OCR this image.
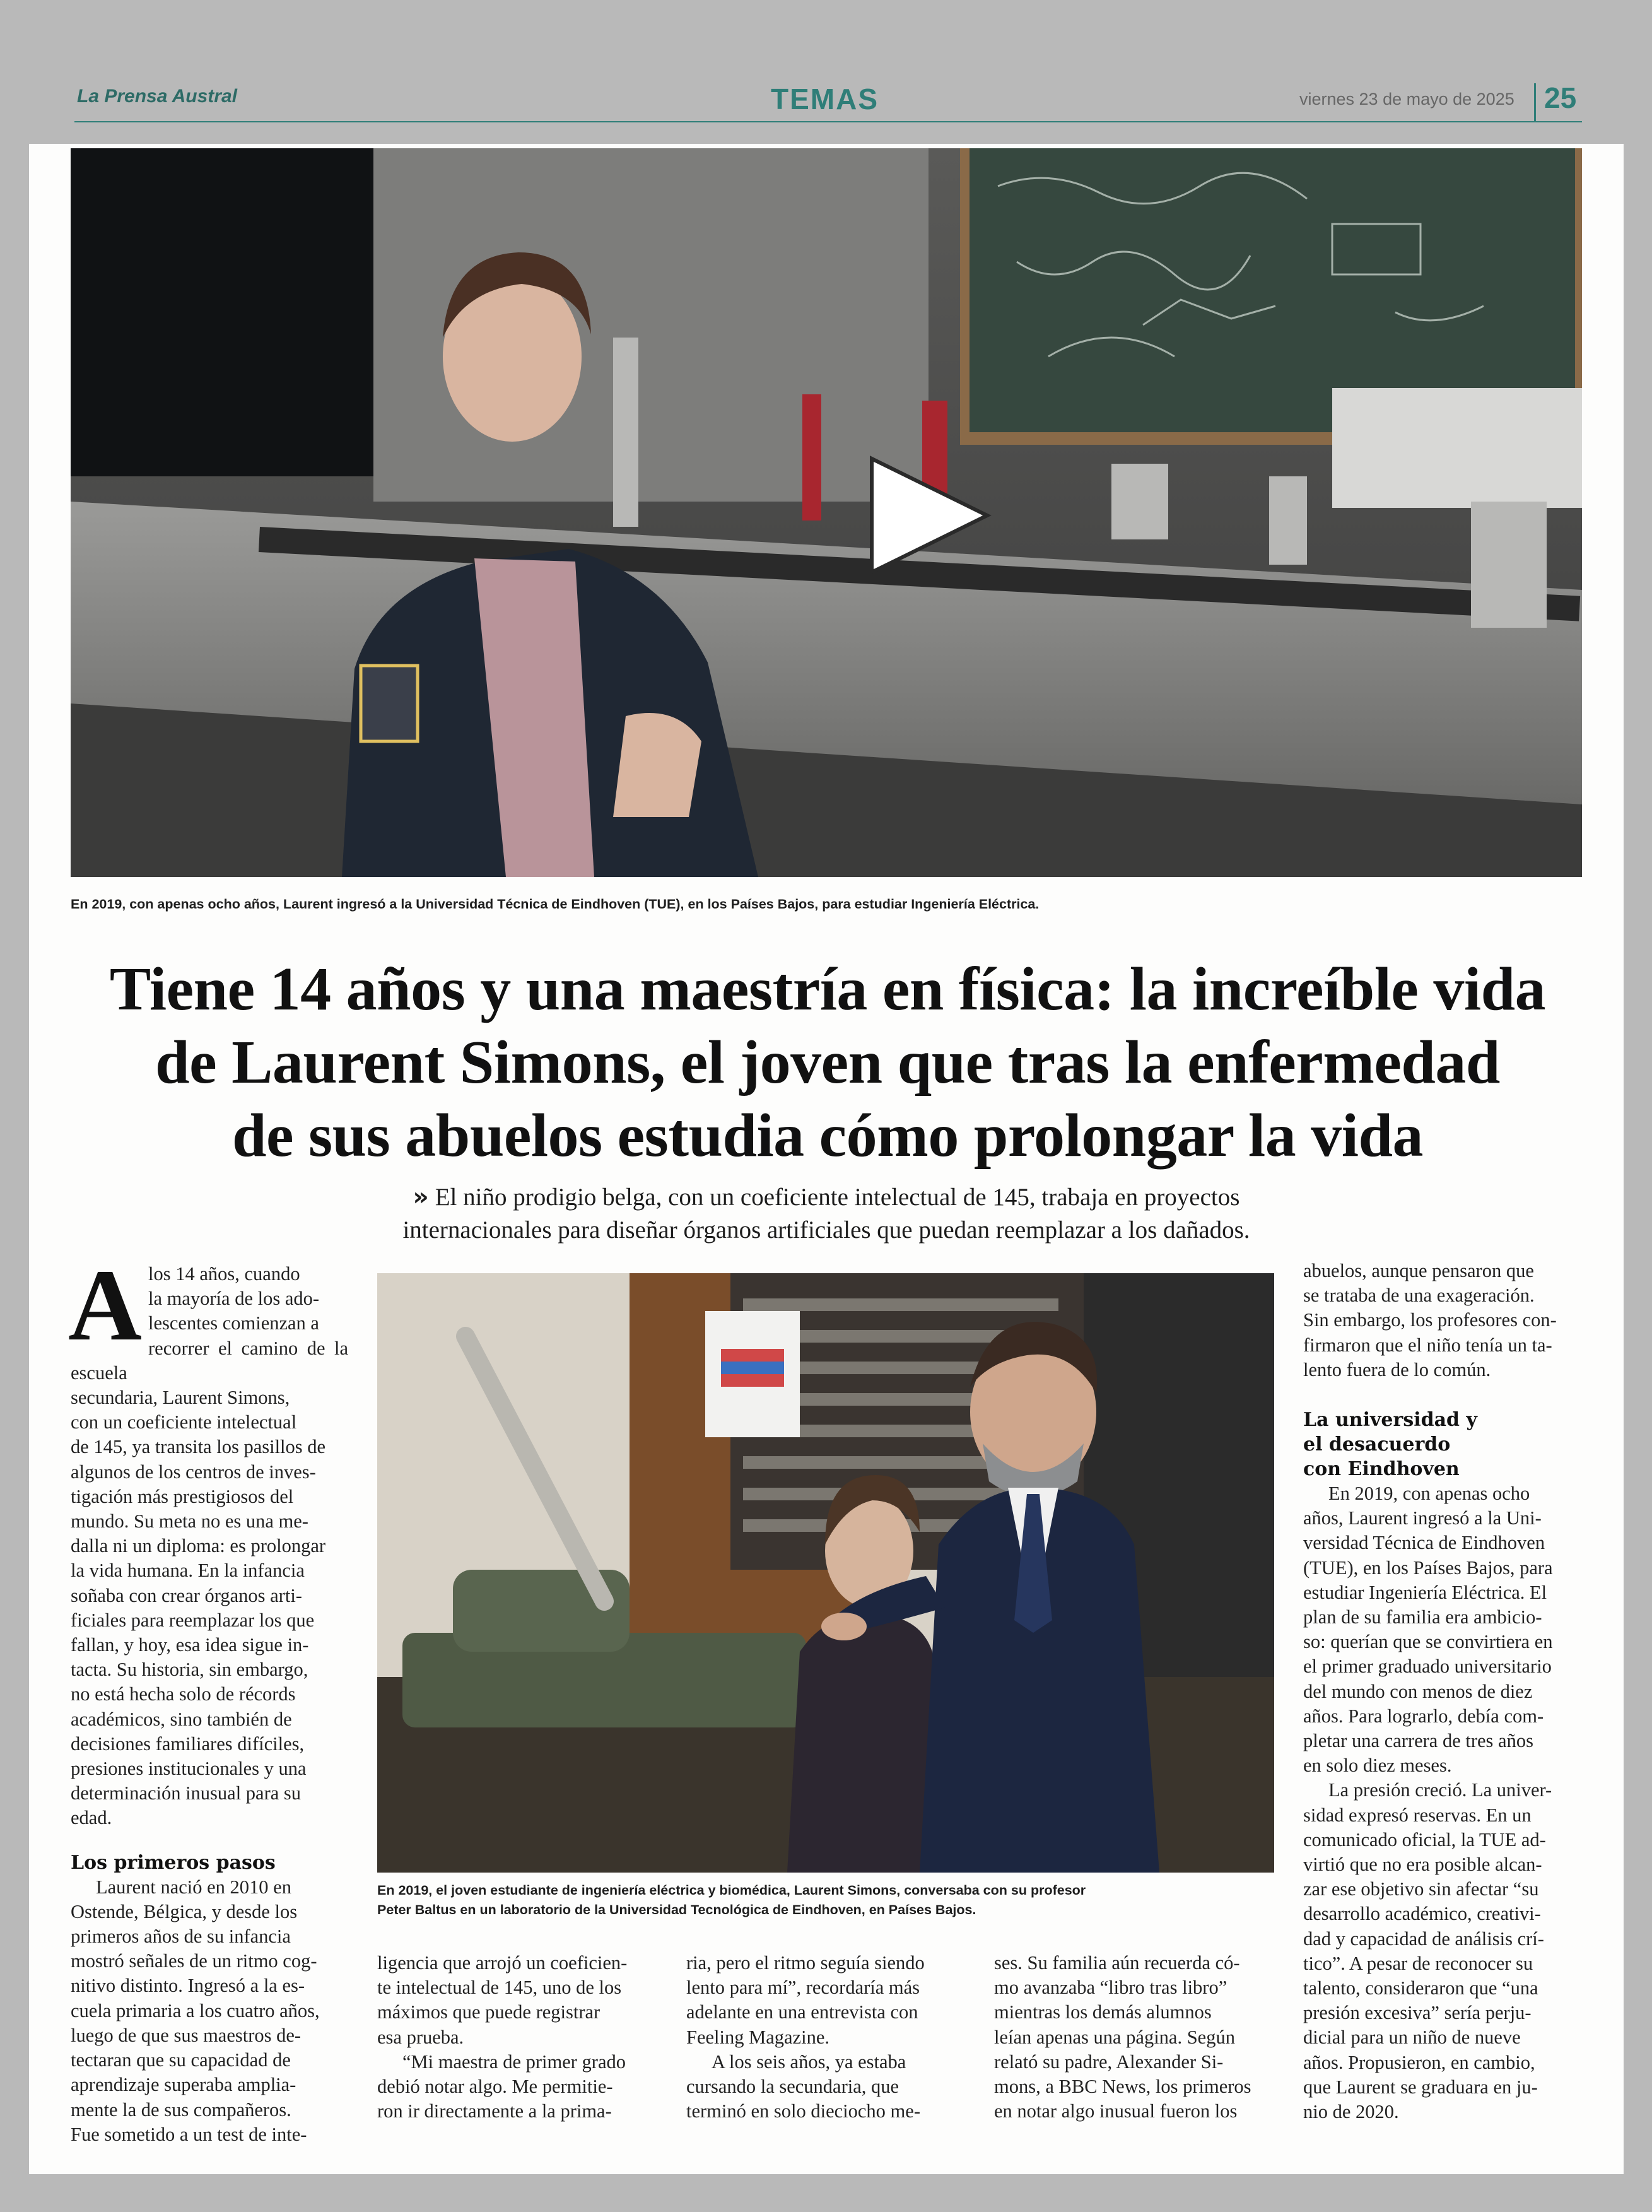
La Prensa Austral	TEMAS	viernes 23 de mayo de 2025 25
En 2019, con apenas ocho años, Laurent ingresó a la Universidad Técnica de Eindhoven (TUE), en los Países Bajos, para estudiar Ingeniería Eléctrica.
Tiene 14 años y una maestría en física: la increíble vida
de Laurent Simons, el joven que tras la enfermedad
de sus abuelos estudia cómo prolongar la vida
» El niño prodigio belga, con un coeficiente intelectual de 145, trabaja en proyectos
internacionales para diseñar órganos artificiales que puedan reemplazar a los dañados.
En 2019, el joven estudiante de ingeniería eléctrica y biomédica, Laurent Simons, conversaba con su profesor
Peter Baltus en un laboratorio de la Universidad Tecnológica de Eindhoven, en Países Bajos.
A los 14 años, cuando
la mayoría de los ado-
lescentes comienzan a
recorrer el camino de la escuela
secundaria, Laurent Simons,
con un coeficiente intelectual
de 145, ya transita los pasillos de
algunos de los centros de inves-
tigación más prestigiosos del
mundo. Su meta no es una me-
dalla ni un diploma: es prolongar
la vida humana. En la infancia
soñaba con crear órganos arti-
ficiales para reemplazar los que
fallan, y hoy, esa idea sigue in-
tacta. Su historia, sin embargo,
no está hecha solo de récords
académicos, sino también de
decisiones familiares difíciles,
presiones institucionales y una
determinación inusual para su
edad.

Los primeros pasos

Laurent nació en 2010 en
Ostende, Bélgica, y desde los
primeros años de su infancia
mostró señales de un ritmo cog-
nitivo distinto. Ingresó a la es-
cuela primaria a los cuatro años,
luego de que sus maestros de-
tectaran que su capacidad de
aprendizaje superaba amplia-
mente la de sus compañeros.
Fue sometido a un test de inte-
ligencia que arrojó un coeficien-
te intelectual de 145, uno de los
máximos que puede registrar
esa prueba.
“Mi maestra de primer grado
debió notar algo. Me permitie-
ron ir directamente a la prima-
ria, pero el ritmo seguía siendo
lento para mí”, recordaría más
adelante en una entrevista con
Feeling Magazine.
A los seis años, ya estaba
cursando la secundaria, que
terminó en solo dieciocho me-
ses. Su familia aún recuerda có-
mo avanzaba “libro tras libro”
mientras los demás alumnos
leían apenas una página. Según
relató su padre, Alexander Si-
mons, a BBC News, los primeros
en notar algo inusual fueron los
abuelos, aunque pensaron que
se trataba de una exageración.
Sin embargo, los profesores con-
firmaron que el niño tenía un ta-
lento fuera de lo común.
La universidad y
el desacuerdo
con Eindhoven
En 2019, con apenas ocho
años, Laurent ingresó a la Uni-
versidad Técnica de Eindhoven
(TUE), en los Países Bajos, para
estudiar Ingeniería Eléctrica. El
plan de su familia era ambicio-
so: querían que se convirtiera en
el primer graduado universitario
del mundo con menos de diez
años. Para lograrlo, debía com-
pletar una carrera de tres años
en solo diez meses.
La presión creció. La univer-
sidad expresó reservas. En un
comunicado oficial, la TUE ad-
virtió que no era posible alcan-
zar ese objetivo sin afectar “su
desarrollo académico, creativi-
dad y capacidad de análisis crí-
tico”. A pesar de reconocer su
talento, consideraron que “una
presión excesiva” sería perju-
dicial para un niño de nueve
años. Propusieron, en cambio,
que Laurent se graduara en ju-
nio de 2020.
